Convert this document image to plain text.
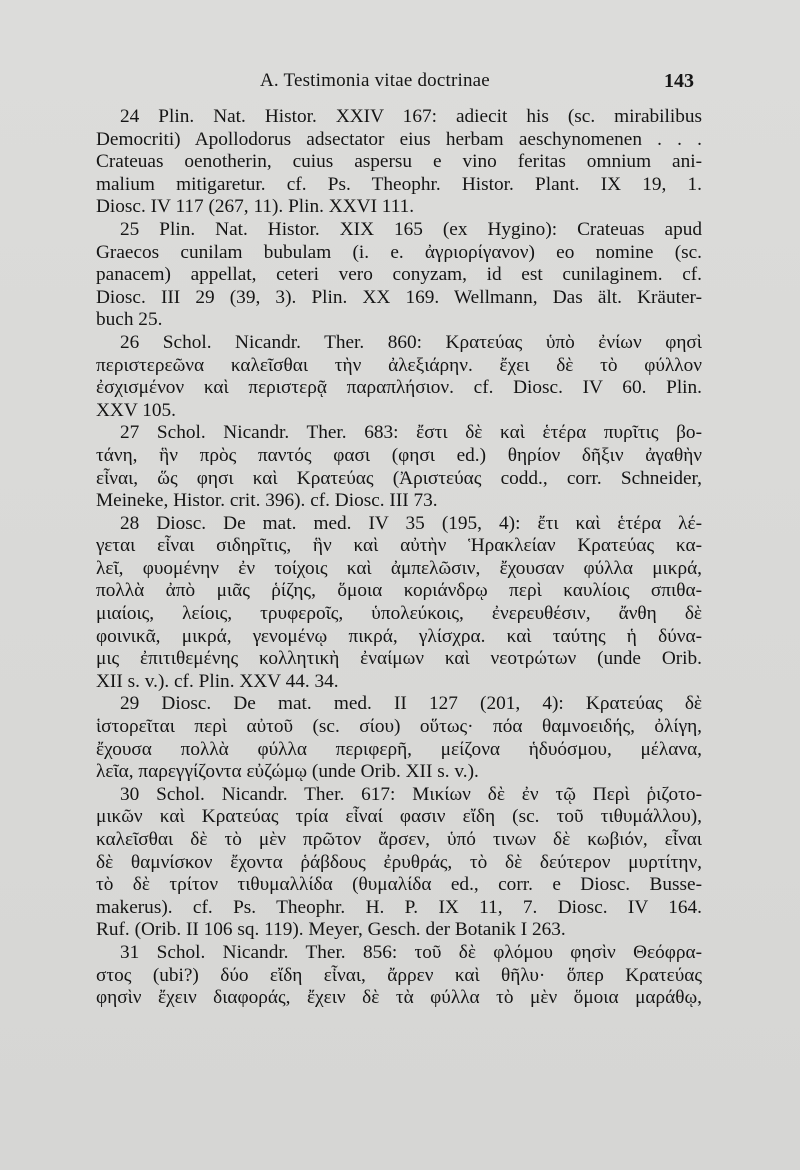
A. Testimonia vitae doctrinae	143
24 Plin. Nat. Histor. XXIV 167: adiecit his (sc. mirabilibus
Democriti) Apollodorus adsectator eius herbam aeschynomenen . . .
Crateuas oenotherin, cuius aspersu e vino feritas omnium ani-
malium mitigaretur. cf. Ps. Theophr. Histor. Plant. IX 19, 1.
Diosc. IV 117 (267, 11). Plin. XXVI 111.
25 Plin. Nat. Histor. XIX 165 (ex Hygino): Crateuas apud
Graecos cunilam bubulam (i. e. ἀγριορίγανον) eo nomine (sc.
panacem) appellat, ceteri vero conyzam, id est cunilaginem. cf.
Diosc. III 29 (39, 3). Plin. XX 169. Wellmann, Das ält. Kräuter-
buch 25.
26 Schol. Nicandr. Ther. 860: Κρατεύας ὑπὸ ἐνίων φησὶ
περιστερεῶνα καλεῖσθαι τὴν ἀλεξιάρην. ἔχει δὲ τὸ φύλλον
ἐσχισμένον καὶ περιστερᾷ παραπλήσιον. cf. Diosc. IV 60. Plin.
XXV 105.
27 Schol. Nicandr. Ther. 683: ἔστι δὲ καὶ ἑτέρα πυρῖτις βο-
τάνη, ἣν πρὸς παντός φασι (φησι ed.) θηρίον δῆξιν ἀγαθὴν
εἶναι, ὥς φησι καὶ Κρατεύας (Ἀριστεύας codd., corr. Schneider,
Meineke, Histor. crit. 396). cf. Diosc. III 73.
28 Diosc. De mat. med. IV 35 (195, 4): ἔτι καὶ ἑτέρα λέ-
γεται εἶναι σιδηρῖτις, ἣν καὶ αὐτὴν Ἡρακλείαν Κρατεύας κα-
λεῖ, φυομένην ἐν τοίχοις καὶ ἀμπελῶσιν, ἔχουσαν φύλλα μικρά,
πολλὰ ἀπὸ μιᾶς ῥίζης, ὅμοια κοριάνδρῳ περὶ καυλίοις σπιθα-
μιαίοις, λείοις, τρυφεροῖς, ὑπολεύκοις, ἐνερευθέσιν, ἄνθη δὲ
φοινικᾶ, μικρά, γενομένῳ πικρά, γλίσχρα. καὶ ταύτης ἡ δύνα-
μις ἐπιτιθεμένης κολλητικὴ ἐναίμων καὶ νεοτρώτων (unde Orib.
XII s. v.). cf. Plin. XXV 44. 34.
29 Diosc. De mat. med. II 127 (201, 4): Κρατεύας δὲ
ἱστορεῖται περὶ αὐτοῦ (sc. σίου) οὕτως· πόα θαμνοειδής, ὀλίγη,
ἔχουσα πολλὰ φύλλα περιφερῆ, μείζονα ἡδυόσμου, μέλανα,
λεῖα, παρεγγίζοντα εὐζώμῳ (unde Orib. XII s. v.).
30 Schol. Nicandr. Ther. 617: Μικίων δὲ ἐν τῷ Περὶ ῥιζοτο-
μικῶν καὶ Κρατεύας τρία εἶναί φασιν εἴδη (sc. τοῦ τιθυμάλλου),
καλεῖσθαι δὲ τὸ μὲν πρῶτον ἄρσεν, ὑπό τινων δὲ κωβιόν, εἶναι
δὲ θαμνίσκον ἔχοντα ῥάβδους ἐρυθράς, τὸ δὲ δεύτερον μυρτίτην,
τὸ δὲ τρίτον τιθυμαλλίδα (θυμαλίδα ed., corr. e Diosc. Busse-
makerus). cf. Ps. Theophr. H. P. IX 11, 7. Diosc. IV 164.
Ruf. (Orib. II 106 sq. 119). Meyer, Gesch. der Botanik I 263.
31 Schol. Nicandr. Ther. 856: τοῦ δὲ φλόμου φησὶν Θεόφρα-
στος (ubi?) δύο εἴδη εἶναι, ἄρρεν καὶ θῆλυ· ὅπερ Κρατεύας
φησὶν ἔχειν διαφοράς, ἔχειν δὲ τὰ φύλλα τὸ μὲν ὅμοια μαράθῳ,
